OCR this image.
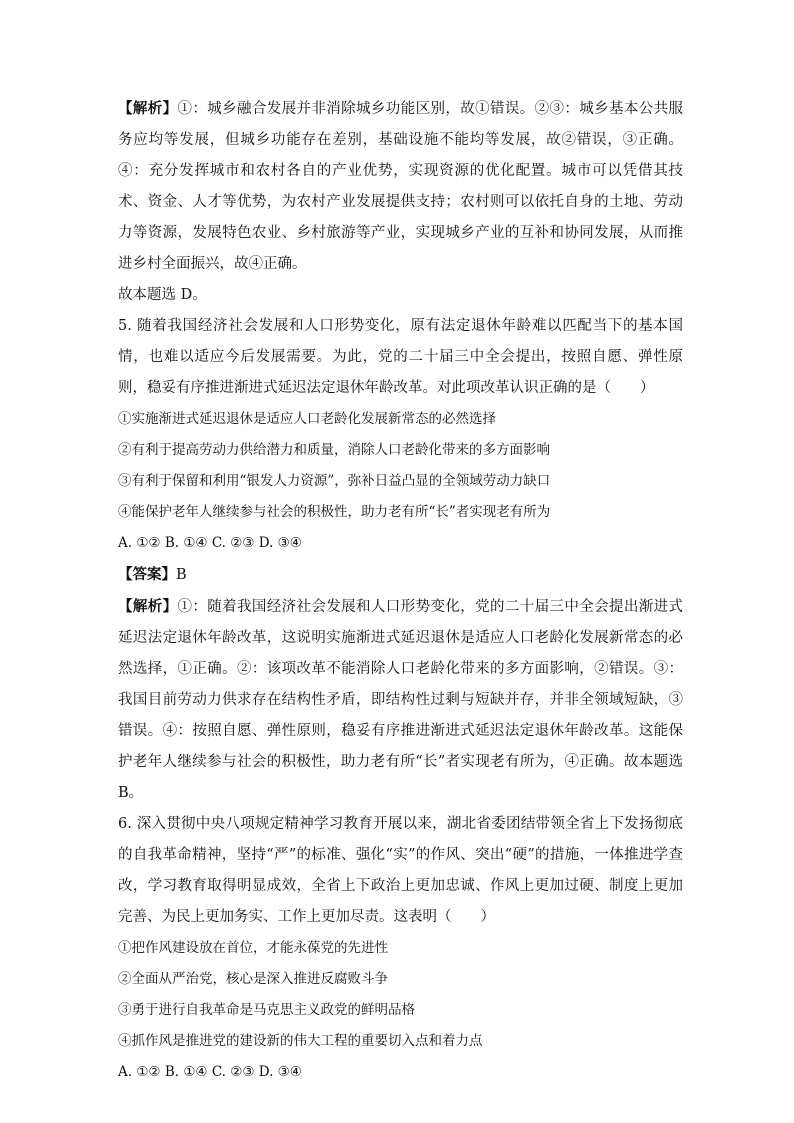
【解析】①：城乡融合发展并非消除城乡功能区别，故①错误。②③：城乡基本公共服务应均等发展，但城乡功能存在差别，基础设施不能均等发展，故②错误，③正确。④：充分发挥城市和农村各自的产业优势，实现资源的优化配置。城市可以凭借其技术、资金、人才等优势，为农村产业发展提供支持；农村则可以依托自身的土地、劳动力等资源，发展特色农业、乡村旅游等产业，实现城乡产业的互补和协同发展，从而推进乡村全面振兴，故④正确。

故本题选 D。

5. 随着我国经济社会发展和人口形势变化，原有法定退休年龄难以匹配当下的基本国情，也难以适应今后发展需要。为此，党的二十届三中全会提出，按照自愿、弹性原则，稳妥有序推进渐进式延迟法定退休年龄改革。对此项改革认识正确的是（　　）

①实施渐进式延迟退休是适应人口老龄化发展新常态的必然选择

②有利于提高劳动力供给潜力和质量，消除人口老龄化带来的多方面影响

③有利于保留和利用“银发人力资源”，弥补日益凸显的全领域劳动力缺口

④能保护老年人继续参与社会的积极性，助力老有所“长”者实现老有所为

A. ①② B. ①④ C. ②③ D. ③④

【答案】B

【解析】①：随着我国经济社会发展和人口形势变化，党的二十届三中全会提出渐进式延迟法定退休年龄改革，这说明实施渐进式延迟退休是适应人口老龄化发展新常态的必然选择，①正确。②：该项改革不能消除人口老龄化带来的多方面影响，②错误。③：我国目前劳动力供求存在结构性矛盾，即结构性过剩与短缺并存，并非全领域短缺，③错误。④：按照自愿、弹性原则，稳妥有序推进渐进式延迟法定退休年龄改革。这能保护老年人继续参与社会的积极性，助力老有所“长”者实现老有所为，④正确。故本题选 B。

6. 深入贯彻中央八项规定精神学习教育开展以来，湖北省委团结带领全省上下发扬彻底的自我革命精神，坚持“严”的标准、强化“实”的作风、突出“硬”的措施，一体推进学查改，学习教育取得明显成效，全省上下政治上更加忠诚、作风上更加过硬、制度上更加完善、为民上更加务实、工作上更加尽责。这表明（　　）

①把作风建设放在首位，才能永葆党的先进性

②全面从严治党，核心是深入推进反腐败斗争

③勇于进行自我革命是马克思主义政党的鲜明品格

④抓作风是推进党的建设新的伟大工程的重要切入点和着力点

A. ①② B. ①④ C. ②③ D. ③④
